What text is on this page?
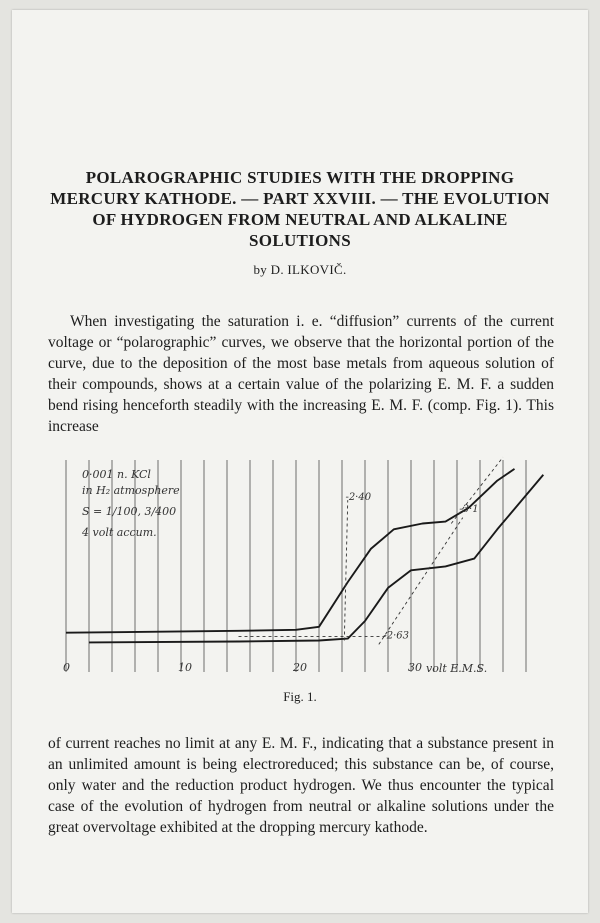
POLAROGRAPHIC STUDIES WITH THE DROPPING MERCURY KATHODE. — PART XXVIII. — THE EVOLUTION OF HYDROGEN FROM NEUTRAL AND ALKALINE SOLUTIONS

by D. ILKOVIČ.

When investigating the saturation i. e. “diffusion” currents of the current voltage or “polarographic” curves, we observe that the horizontal portion of the curve, due to the deposition of the most base metals from aqueous solution of their compounds, shows at a certain value of the polarizing E. M. F. a sudden bend rising henceforth steadily with the increasing E. M. F. (comp. Fig. 1). This increase

0·001 n. KCl
in H₂ atmosphere
S = 1/100, 3/400
4 volt accum.
0	10	20	30
-2·40
-3·1
-2·63
volt E.M.S.

Fig. 1.

of current reaches no limit at any E. M. F., indicating that a substance present in an unlimited amount is being electroreduced; this substance can be, of course, only water and the reduction product hydrogen. We thus encounter the typical case of the evolution of hydrogen from neutral or alkaline solutions under the great overvoltage exhibited at the dropping mercury kathode.
